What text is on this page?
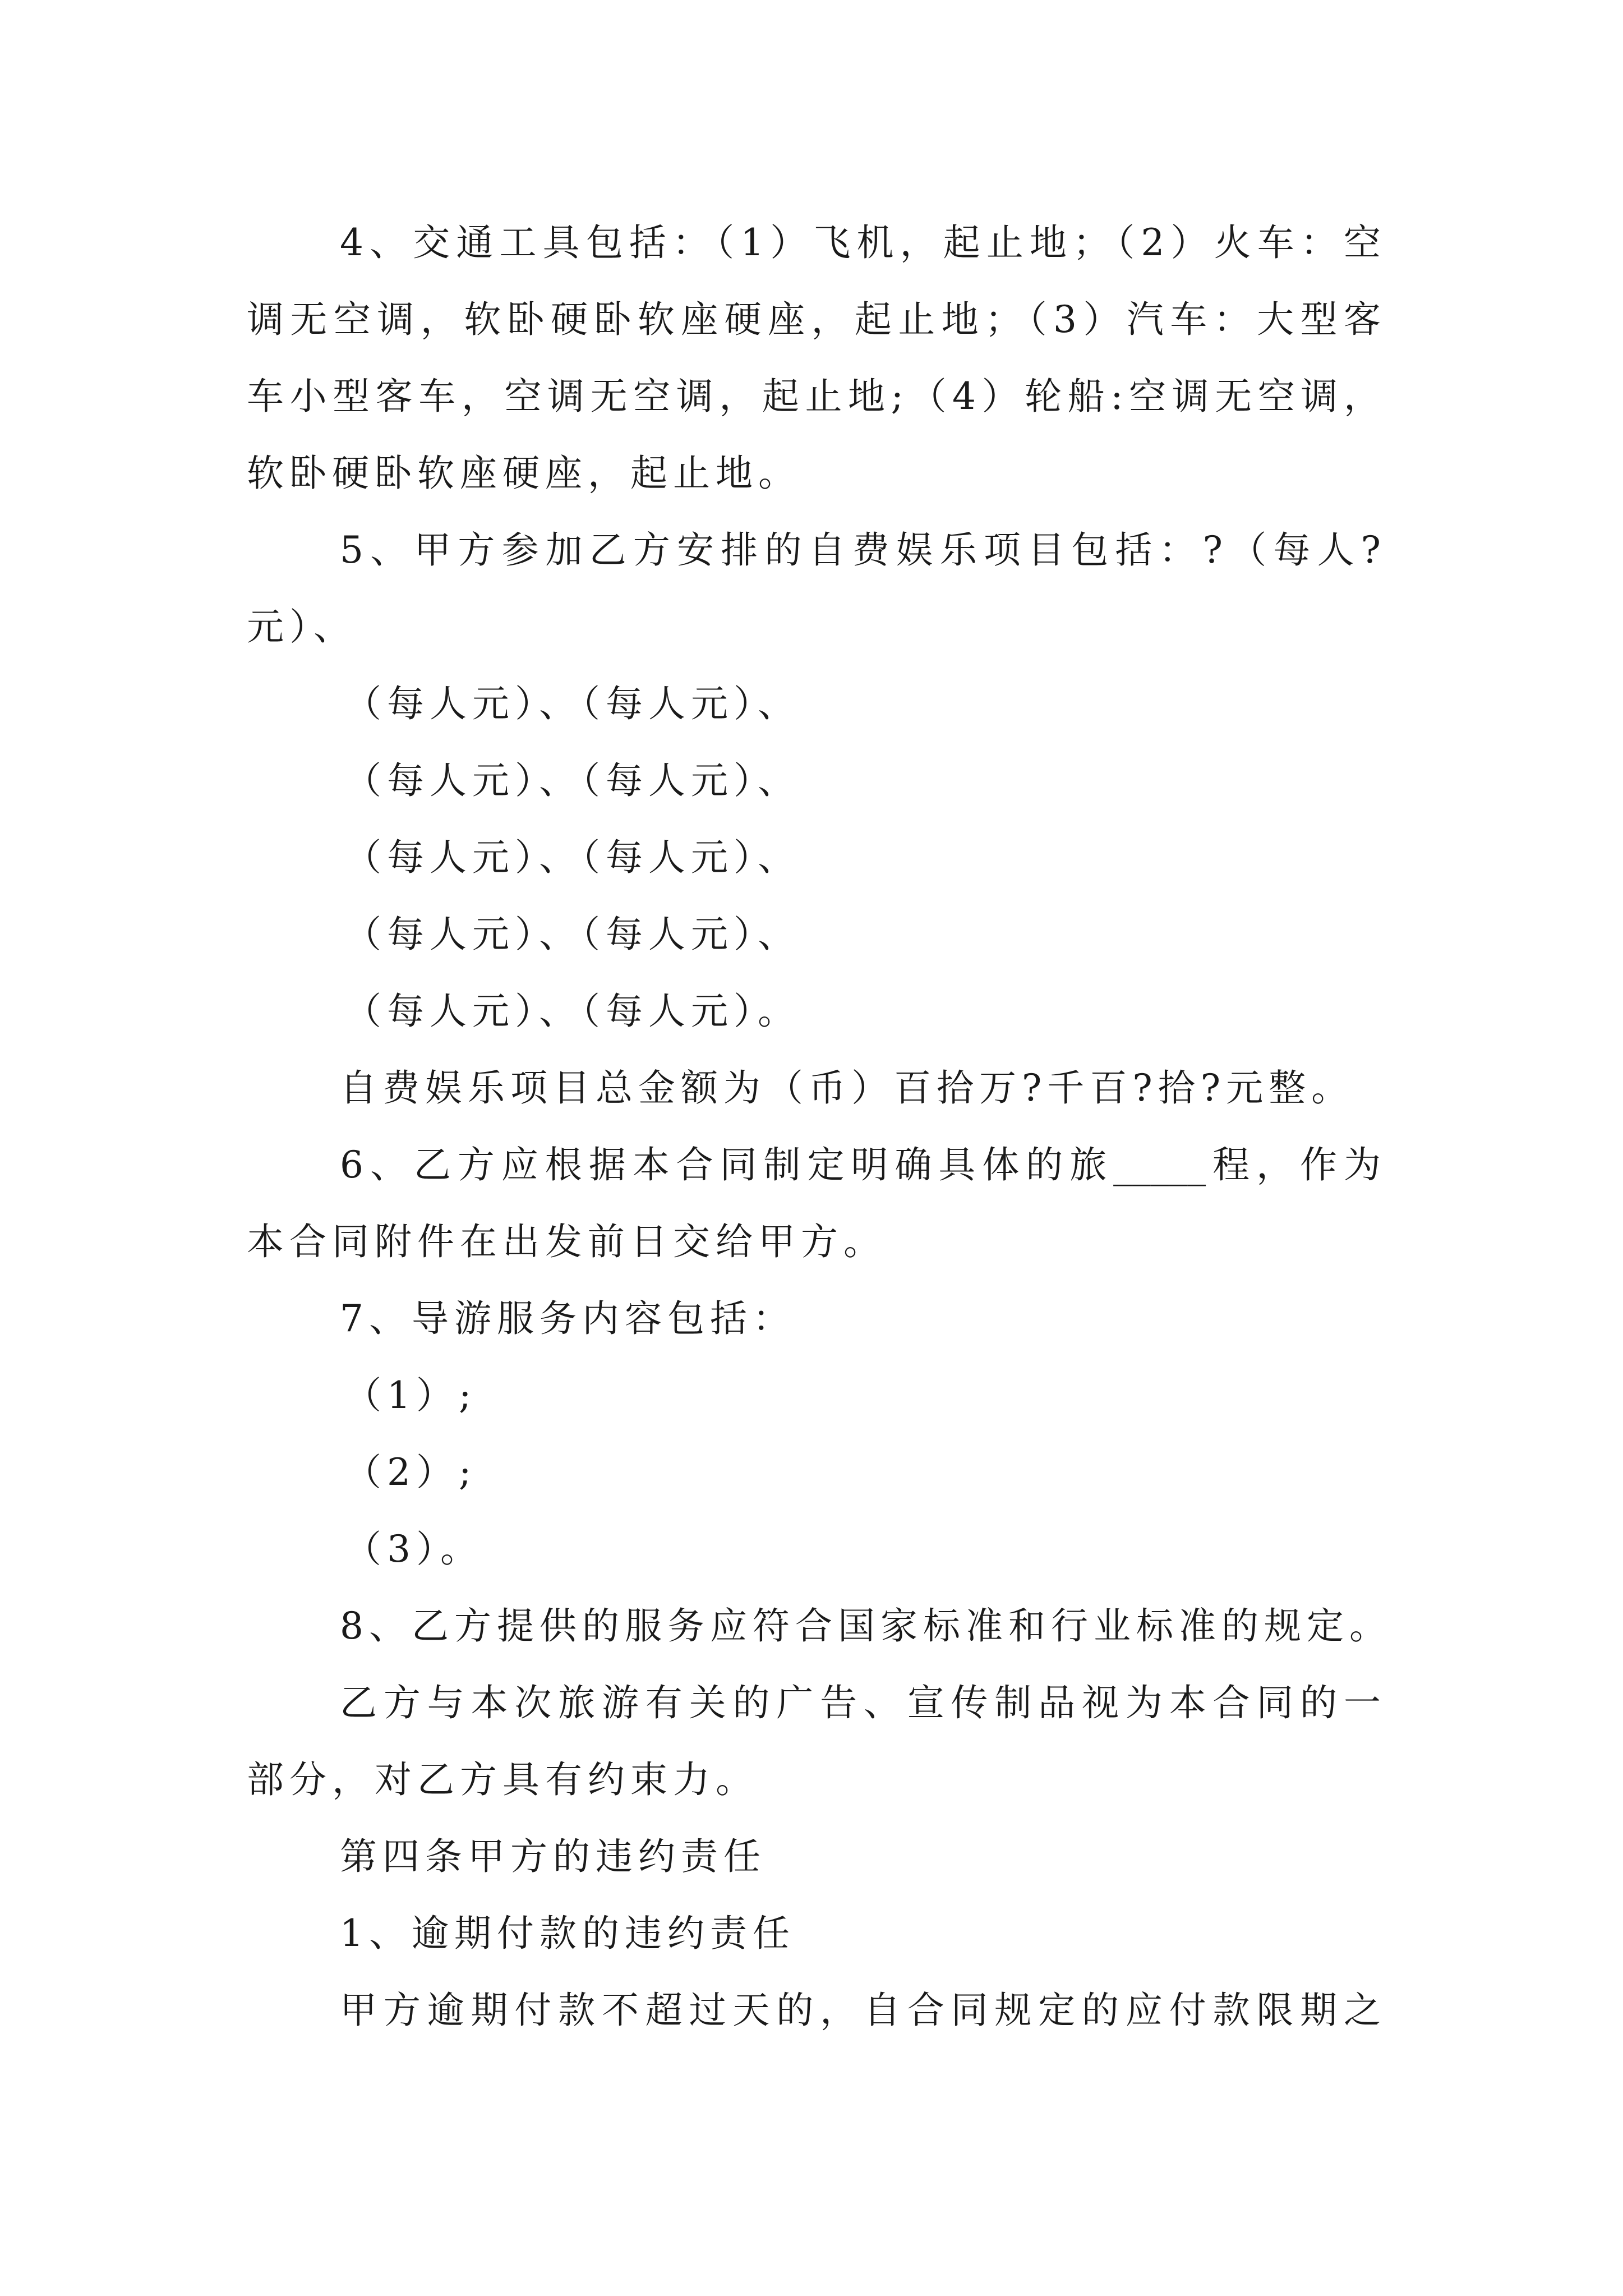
4、交通工具包括：（1）飞机，起止地；（2）火车：空
调无空调，软卧硬卧软座硬座，起止地；（3）汽车：大型客
车小型客车，空调无空调，起止地;（4）轮船:空调无空调，
软卧硬卧软座硬座，起止地。
5、甲方参加乙方安排的自费娱乐项目包括：?（每人?
元）、
（每人元）、（每人元）、
（每人元）、（每人元）、
（每人元）、（每人元）、
（每人元）、（每人元）、
（每人元）、（每人元）。
自费娱乐项目总金额为（币）百拾万?千百?拾?元整。
6、乙方应根据本合同制定明确具体的旅_____程，作为
本合同附件在出发前日交给甲方。
7、导游服务内容包括：
（1）;
（2）;
（3）。
8、乙方提供的服务应符合国家标准和行业标准的规定。
乙方与本次旅游有关的广告、宣传制品视为本合同的一
部分，对乙方具有约束力。
第四条甲方的违约责任
1、逾期付款的违约责任
甲方逾期付款不超过天的，自合同规定的应付款限期之
